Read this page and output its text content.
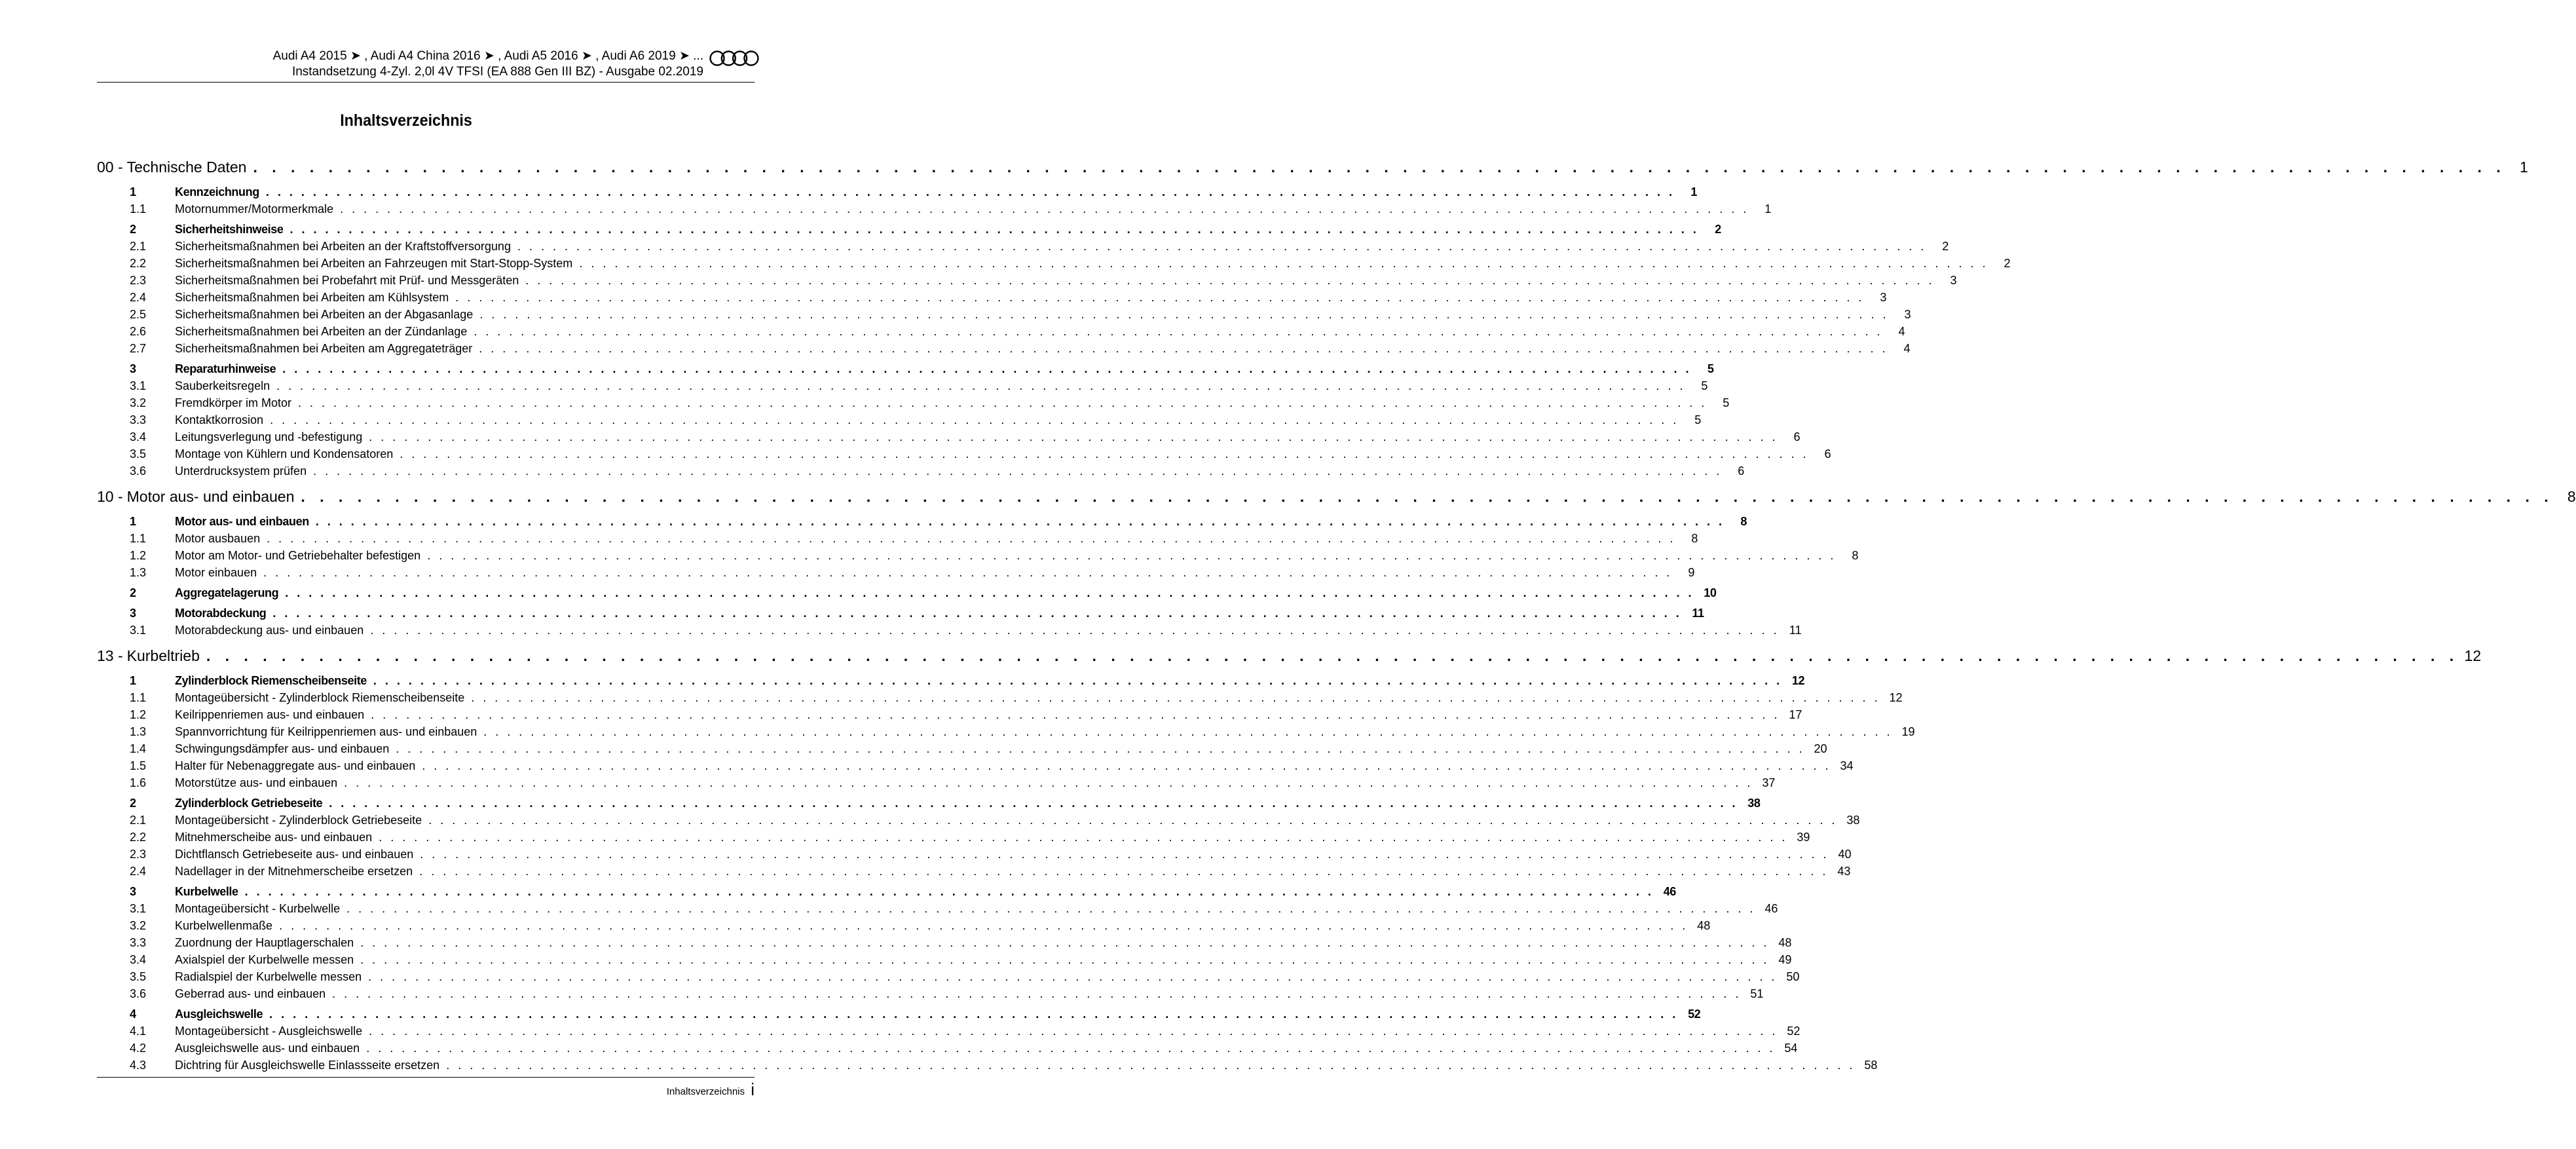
Audi A4 2015 ➤ , Audi A4 China 2016 ➤ , Audi A5 2016 ➤ , Audi A6 2019 ➤ ...
Instandsetzung 4-Zyl. 2,0l 4V TFSI (EA 888 Gen III BZ) - Ausgabe 02.2019
Inhaltsverzeichnis
00 - Technische Daten . . . . . . . . . . . . . . . . . . . . . . . . . . . . . . . . . . . . . . . . . . . . . . . . . . . . . . . . . . . . . . . . . . . . . . . . . . . . . . . . . . . . . . . . . . . . . . . . . . . . . . . . . . . . . . . . . . . . . . . . 1
1	Kennzeichnung . . . . . . . . . . . . . . . . . . . . . . . . . . . . . . . . . . . . . . . . . . . . . . . . . . . . . . . . . . . . . . . . . . . . . . . . . . . . . . . . . . . . . . . . . . . . . . . . . . . . . . . . . . . . . . . . . . . . . . . .	1
1.1	Motornummer/Motormerkmale . . . . . . . . . . . . . . . . . . . . . . . . . . . . . . . . . . . . . . . . . . . . . . . . . . . . . . . . . . . . . . . . . . . . . . . . . . . . . . . . . . . . . . . . . . . . . . . . . . . . . . . . . . . . . . . . . . . . . . . .	1
2	Sicherheitshinweise . . . . . . . . . . . . . . . . . . . . . . . . . . . . . . . . . . . . . . . . . . . . . . . . . . . . . . . . . . . . . . . . . . . . . . . . . . . . . . . . . . . . . . . . . . . . . . . . . . . . . . . . . . . . . . . . . . . . . . . .	2
2.1	Sicherheitsmaßnahmen bei Arbeiten an der Kraftstoffversorgung . . . . . . . . . . . . . . . . . . . . . . . . . . . . . . . . . . . . . . . . . . . . . . . . . . . . . . . . . . . . . . . . . . . . . . . . . . . . . . . . . . . . . . . . . . . . . . . . . . . . . . . . . . . . . . . . . . . . . . . .	2
2.2	Sicherheitsmaßnahmen bei Arbeiten an Fahrzeugen mit Start-Stopp-System . . . . . . . . . . . . . . . . . . . . . . . . . . . . . . . . . . . . . . . . . . . . . . . . . . . . . . . . . . . . . . . . . . . . . . . . . . . . . . . . . . . . . . . . . . . . . . . . . . . . . . . . . . . . . . . . . . . . . . . .	2
2.3	Sicherheitsmaßnahmen bei Probefahrt mit Prüf- und Messgeräten . . . . . . . . . . . . . . . . . . . . . . . . . . . . . . . . . . . . . . . . . . . . . . . . . . . . . . . . . . . . . . . . . . . . . . . . . . . . . . . . . . . . . . . . . . . . . . . . . . . . . . . . . . . . . . . . . . . . . . . .	3
2.4	Sicherheitsmaßnahmen bei Arbeiten am Kühlsystem . . . . . . . . . . . . . . . . . . . . . . . . . . . . . . . . . . . . . . . . . . . . . . . . . . . . . . . . . . . . . . . . . . . . . . . . . . . . . . . . . . . . . . . . . . . . . . . . . . . . . . . . . . . . . . . . . . . . . . . .	3
2.5	Sicherheitsmaßnahmen bei Arbeiten an der Abgasanlage . . . . . . . . . . . . . . . . . . . . . . . . . . . . . . . . . . . . . . . . . . . . . . . . . . . . . . . . . . . . . . . . . . . . . . . . . . . . . . . . . . . . . . . . . . . . . . . . . . . . . . . . . . . . . . . . . . . . . . . .	3
2.6	Sicherheitsmaßnahmen bei Arbeiten an der Zündanlage . . . . . . . . . . . . . . . . . . . . . . . . . . . . . . . . . . . . . . . . . . . . . . . . . . . . . . . . . . . . . . . . . . . . . . . . . . . . . . . . . . . . . . . . . . . . . . . . . . . . . . . . . . . . . . . . . . . . . . . .	4
2.7	Sicherheitsmaßnahmen bei Arbeiten am Aggregateträger . . . . . . . . . . . . . . . . . . . . . . . . . . . . . . . . . . . . . . . . . . . . . . . . . . . . . . . . . . . . . . . . . . . . . . . . . . . . . . . . . . . . . . . . . . . . . . . . . . . . . . . . . . . . . . . . . . . . . . . .	4
3	Reparaturhinweise . . . . . . . . . . . . . . . . . . . . . . . . . . . . . . . . . . . . . . . . . . . . . . . . . . . . . . . . . . . . . . . . . . . . . . . . . . . . . . . . . . . . . . . . . . . . . . . . . . . . . . . . . . . . . . . . . . . . . . . .	5
3.1	Sauberkeitsregeln . . . . . . . . . . . . . . . . . . . . . . . . . . . . . . . . . . . . . . . . . . . . . . . . . . . . . . . . . . . . . . . . . . . . . . . . . . . . . . . . . . . . . . . . . . . . . . . . . . . . . . . . . . . . . . . . . . . . . . . .	5
3.2	Fremdkörper im Motor . . . . . . . . . . . . . . . . . . . . . . . . . . . . . . . . . . . . . . . . . . . . . . . . . . . . . . . . . . . . . . . . . . . . . . . . . . . . . . . . . . . . . . . . . . . . . . . . . . . . . . . . . . . . . . . . . . . . . . . .	5
3.3	Kontaktkorrosion . . . . . . . . . . . . . . . . . . . . . . . . . . . . . . . . . . . . . . . . . . . . . . . . . . . . . . . . . . . . . . . . . . . . . . . . . . . . . . . . . . . . . . . . . . . . . . . . . . . . . . . . . . . . . . . . . . . . . . . .	5
3.4	Leitungsverlegung und -befestigung . . . . . . . . . . . . . . . . . . . . . . . . . . . . . . . . . . . . . . . . . . . . . . . . . . . . . . . . . . . . . . . . . . . . . . . . . . . . . . . . . . . . . . . . . . . . . . . . . . . . . . . . . . . . . . . . . . . . . . . .	6
3.5	Montage von Kühlern und Kondensatoren . . . . . . . . . . . . . . . . . . . . . . . . . . . . . . . . . . . . . . . . . . . . . . . . . . . . . . . . . . . . . . . . . . . . . . . . . . . . . . . . . . . . . . . . . . . . . . . . . . . . . . . . . . . . . . . . . . . . . . . .	6
3.6	Unterdrucksystem prüfen . . . . . . . . . . . . . . . . . . . . . . . . . . . . . . . . . . . . . . . . . . . . . . . . . . . . . . . . . . . . . . . . . . . . . . . . . . . . . . . . . . . . . . . . . . . . . . . . . . . . . . . . . . . . . . . . . . . . . . . .	6
10 - Motor aus- und einbauen . . . . . . . . . . . . . . . . . . . . . . . . . . . . . . . . . . . . . . . . . . . . . . . . . . . . . . . . . . . . . . . . . . . . . . . . . . . . . . . . . . . . . . . . . . . . . . . . . . . . . . . . . . . . . . . . . . . . . . . . 8
1	Motor aus- und einbauen . . . . . . . . . . . . . . . . . . . . . . . . . . . . . . . . . . . . . . . . . . . . . . . . . . . . . . . . . . . . . . . . . . . . . . . . . . . . . . . . . . . . . . . . . . . . . . . . . . . . . . . . . . . . . . . . . . . . . . . .	8
1.1	Motor ausbauen . . . . . . . . . . . . . . . . . . . . . . . . . . . . . . . . . . . . . . . . . . . . . . . . . . . . . . . . . . . . . . . . . . . . . . . . . . . . . . . . . . . . . . . . . . . . . . . . . . . . . . . . . . . . . . . . . . . . . . . .	8
1.2	Motor am Motor- und Getriebehalter befestigen . . . . . . . . . . . . . . . . . . . . . . . . . . . . . . . . . . . . . . . . . . . . . . . . . . . . . . . . . . . . . . . . . . . . . . . . . . . . . . . . . . . . . . . . . . . . . . . . . . . . . . . . . . . . . . . . . . . . . . . .	8
1.3	Motor einbauen . . . . . . . . . . . . . . . . . . . . . . . . . . . . . . . . . . . . . . . . . . . . . . . . . . . . . . . . . . . . . . . . . . . . . . . . . . . . . . . . . . . . . . . . . . . . . . . . . . . . . . . . . . . . . . . . . . . . . . . .	9
2	Aggregatelagerung . . . . . . . . . . . . . . . . . . . . . . . . . . . . . . . . . . . . . . . . . . . . . . . . . . . . . . . . . . . . . . . . . . . . . . . . . . . . . . . . . . . . . . . . . . . . . . . . . . . . . . . . . . . . . . . . . . . . . . . . 10
3	Motorabdeckung . . . . . . . . . . . . . . . . . . . . . . . . . . . . . . . . . . . . . . . . . . . . . . . . . . . . . . . . . . . . . . . . . . . . . . . . . . . . . . . . . . . . . . . . . . . . . . . . . . . . . . . . . . . . . . . . . . . . . . . . 11
3.1	Motorabdeckung aus- und einbauen . . . . . . . . . . . . . . . . . . . . . . . . . . . . . . . . . . . . . . . . . . . . . . . . . . . . . . . . . . . . . . . . . . . . . . . . . . . . . . . . . . . . . . . . . . . . . . . . . . . . . . . . . . . . . . . . . . . . . . . . 11
13 - Kurbeltrieb . . . . . . . . . . . . . . . . . . . . . . . . . . . . . . . . . . . . . . . . . . . . . . . . . . . . . . . . . . . . . . . . . . . . . . . . . . . . . . . . . . . . . . . . . . . . . . . . . . . . . . . . . . . . . . . . . . . . . . . . 12
1	Zylinderblock Riemenscheibenseite . . . . . . . . . . . . . . . . . . . . . . . . . . . . . . . . . . . . . . . . . . . . . . . . . . . . . . . . . . . . . . . . . . . . . . . . . . . . . . . . . . . . . . . . . . . . . . . . . . . . . . . . . . . . . . . . . . . . . . . . 12
1.1	Montageübersicht - Zylinderblock Riemenscheibenseite . . . . . . . . . . . . . . . . . . . . . . . . . . . . . . . . . . . . . . . . . . . . . . . . . . . . . . . . . . . . . . . . . . . . . . . . . . . . . . . . . . . . . . . . . . . . . . . . . . . . . . . . . . . . . . . . . . . . . . . . 12
1.2	Keilrippenriemen aus- und einbauen . . . . . . . . . . . . . . . . . . . . . . . . . . . . . . . . . . . . . . . . . . . . . . . . . . . . . . . . . . . . . . . . . . . . . . . . . . . . . . . . . . . . . . . . . . . . . . . . . . . . . . . . . . . . . . . . . . . . . . . . 17
1.3	Spannvorrichtung für Keilrippenriemen aus- und einbauen . . . . . . . . . . . . . . . . . . . . . . . . . . . . . . . . . . . . . . . . . . . . . . . . . . . . . . . . . . . . . . . . . . . . . . . . . . . . . . . . . . . . . . . . . . . . . . . . . . . . . . . . . . . . . . . . . . . . . . . . 19
1.4	Schwingungsdämpfer aus- und einbauen . . . . . . . . . . . . . . . . . . . . . . . . . . . . . . . . . . . . . . . . . . . . . . . . . . . . . . . . . . . . . . . . . . . . . . . . . . . . . . . . . . . . . . . . . . . . . . . . . . . . . . . . . . . . . . . . . . . . . . . . 20
1.5	Halter für Nebenaggregate aus- und einbauen . . . . . . . . . . . . . . . . . . . . . . . . . . . . . . . . . . . . . . . . . . . . . . . . . . . . . . . . . . . . . . . . . . . . . . . . . . . . . . . . . . . . . . . . . . . . . . . . . . . . . . . . . . . . . . . . . . . . . . . . 34
1.6	Motorstütze aus- und einbauen . . . . . . . . . . . . . . . . . . . . . . . . . . . . . . . . . . . . . . . . . . . . . . . . . . . . . . . . . . . . . . . . . . . . . . . . . . . . . . . . . . . . . . . . . . . . . . . . . . . . . . . . . . . . . . . . . . . . . . . . 37
2	Zylinderblock Getriebeseite . . . . . . . . . . . . . . . . . . . . . . . . . . . . . . . . . . . . . . . . . . . . . . . . . . . . . . . . . . . . . . . . . . . . . . . . . . . . . . . . . . . . . . . . . . . . . . . . . . . . . . . . . . . . . . . . . . . . . . . . 38
2.1	Montageübersicht - Zylinderblock Getriebeseite . . . . . . . . . . . . . . . . . . . . . . . . . . . . . . . . . . . . . . . . . . . . . . . . . . . . . . . . . . . . . . . . . . . . . . . . . . . . . . . . . . . . . . . . . . . . . . . . . . . . . . . . . . . . . . . . . . . . . . . . 38
2.2	Mitnehmerscheibe aus- und einbauen . . . . . . . . . . . . . . . . . . . . . . . . . . . . . . . . . . . . . . . . . . . . . . . . . . . . . . . . . . . . . . . . . . . . . . . . . . . . . . . . . . . . . . . . . . . . . . . . . . . . . . . . . . . . . . . . . . . . . . . . 39
2.3	Dichtflansch Getriebeseite aus- und einbauen . . . . . . . . . . . . . . . . . . . . . . . . . . . . . . . . . . . . . . . . . . . . . . . . . . . . . . . . . . . . . . . . . . . . . . . . . . . . . . . . . . . . . . . . . . . . . . . . . . . . . . . . . . . . . . . . . . . . . . . . 40
2.4	Nadellager in der Mitnehmerscheibe ersetzen . . . . . . . . . . . . . . . . . . . . . . . . . . . . . . . . . . . . . . . . . . . . . . . . . . . . . . . . . . . . . . . . . . . . . . . . . . . . . . . . . . . . . . . . . . . . . . . . . . . . . . . . . . . . . . . . . . . . . . . . 43
3	Kurbelwelle . . . . . . . . . . . . . . . . . . . . . . . . . . . . . . . . . . . . . . . . . . . . . . . . . . . . . . . . . . . . . . . . . . . . . . . . . . . . . . . . . . . . . . . . . . . . . . . . . . . . . . . . . . . . . . . . . . . . . . . . 46
3.1	Montageübersicht - Kurbelwelle . . . . . . . . . . . . . . . . . . . . . . . . . . . . . . . . . . . . . . . . . . . . . . . . . . . . . . . . . . . . . . . . . . . . . . . . . . . . . . . . . . . . . . . . . . . . . . . . . . . . . . . . . . . . . . . . . . . . . . . . 46
3.2	Kurbelwellenmaße . . . . . . . . . . . . . . . . . . . . . . . . . . . . . . . . . . . . . . . . . . . . . . . . . . . . . . . . . . . . . . . . . . . . . . . . . . . . . . . . . . . . . . . . . . . . . . . . . . . . . . . . . . . . . . . . . . . . . . . . 48
3.3	Zuordnung der Hauptlagerschalen . . . . . . . . . . . . . . . . . . . . . . . . . . . . . . . . . . . . . . . . . . . . . . . . . . . . . . . . . . . . . . . . . . . . . . . . . . . . . . . . . . . . . . . . . . . . . . . . . . . . . . . . . . . . . . . . . . . . . . . . 48
3.4	Axialspiel der Kurbelwelle messen . . . . . . . . . . . . . . . . . . . . . . . . . . . . . . . . . . . . . . . . . . . . . . . . . . . . . . . . . . . . . . . . . . . . . . . . . . . . . . . . . . . . . . . . . . . . . . . . . . . . . . . . . . . . . . . . . . . . . . . . 49
3.5	Radialspiel der Kurbelwelle messen . . . . . . . . . . . . . . . . . . . . . . . . . . . . . . . . . . . . . . . . . . . . . . . . . . . . . . . . . . . . . . . . . . . . . . . . . . . . . . . . . . . . . . . . . . . . . . . . . . . . . . . . . . . . . . . . . . . . . . . . 50
3.6	Geberrad aus- und einbauen . . . . . . . . . . . . . . . . . . . . . . . . . . . . . . . . . . . . . . . . . . . . . . . . . . . . . . . . . . . . . . . . . . . . . . . . . . . . . . . . . . . . . . . . . . . . . . . . . . . . . . . . . . . . . . . . . . . . . . . . 51
4	Ausgleichswelle . . . . . . . . . . . . . . . . . . . . . . . . . . . . . . . . . . . . . . . . . . . . . . . . . . . . . . . . . . . . . . . . . . . . . . . . . . . . . . . . . . . . . . . . . . . . . . . . . . . . . . . . . . . . . . . . . . . . . . . . 52
4.1	Montageübersicht - Ausgleichswelle . . . . . . . . . . . . . . . . . . . . . . . . . . . . . . . . . . . . . . . . . . . . . . . . . . . . . . . . . . . . . . . . . . . . . . . . . . . . . . . . . . . . . . . . . . . . . . . . . . . . . . . . . . . . . . . . . . . . . . . . 52
4.2	Ausgleichswelle aus- und einbauen . . . . . . . . . . . . . . . . . . . . . . . . . . . . . . . . . . . . . . . . . . . . . . . . . . . . . . . . . . . . . . . . . . . . . . . . . . . . . . . . . . . . . . . . . . . . . . . . . . . . . . . . . . . . . . . . . . . . . . . . 54
4.3	Dichtring für Ausgleichswelle Einlassseite ersetzen . . . . . . . . . . . . . . . . . . . . . . . . . . . . . . . . . . . . . . . . . . . . . . . . . . . . . . . . . . . . . . . . . . . . . . . . . . . . . . . . . . . . . . . . . . . . . . . . . . . . . . . . . . . . . . . . . . . . . . . . 58
Inhaltsverzeichnis i
